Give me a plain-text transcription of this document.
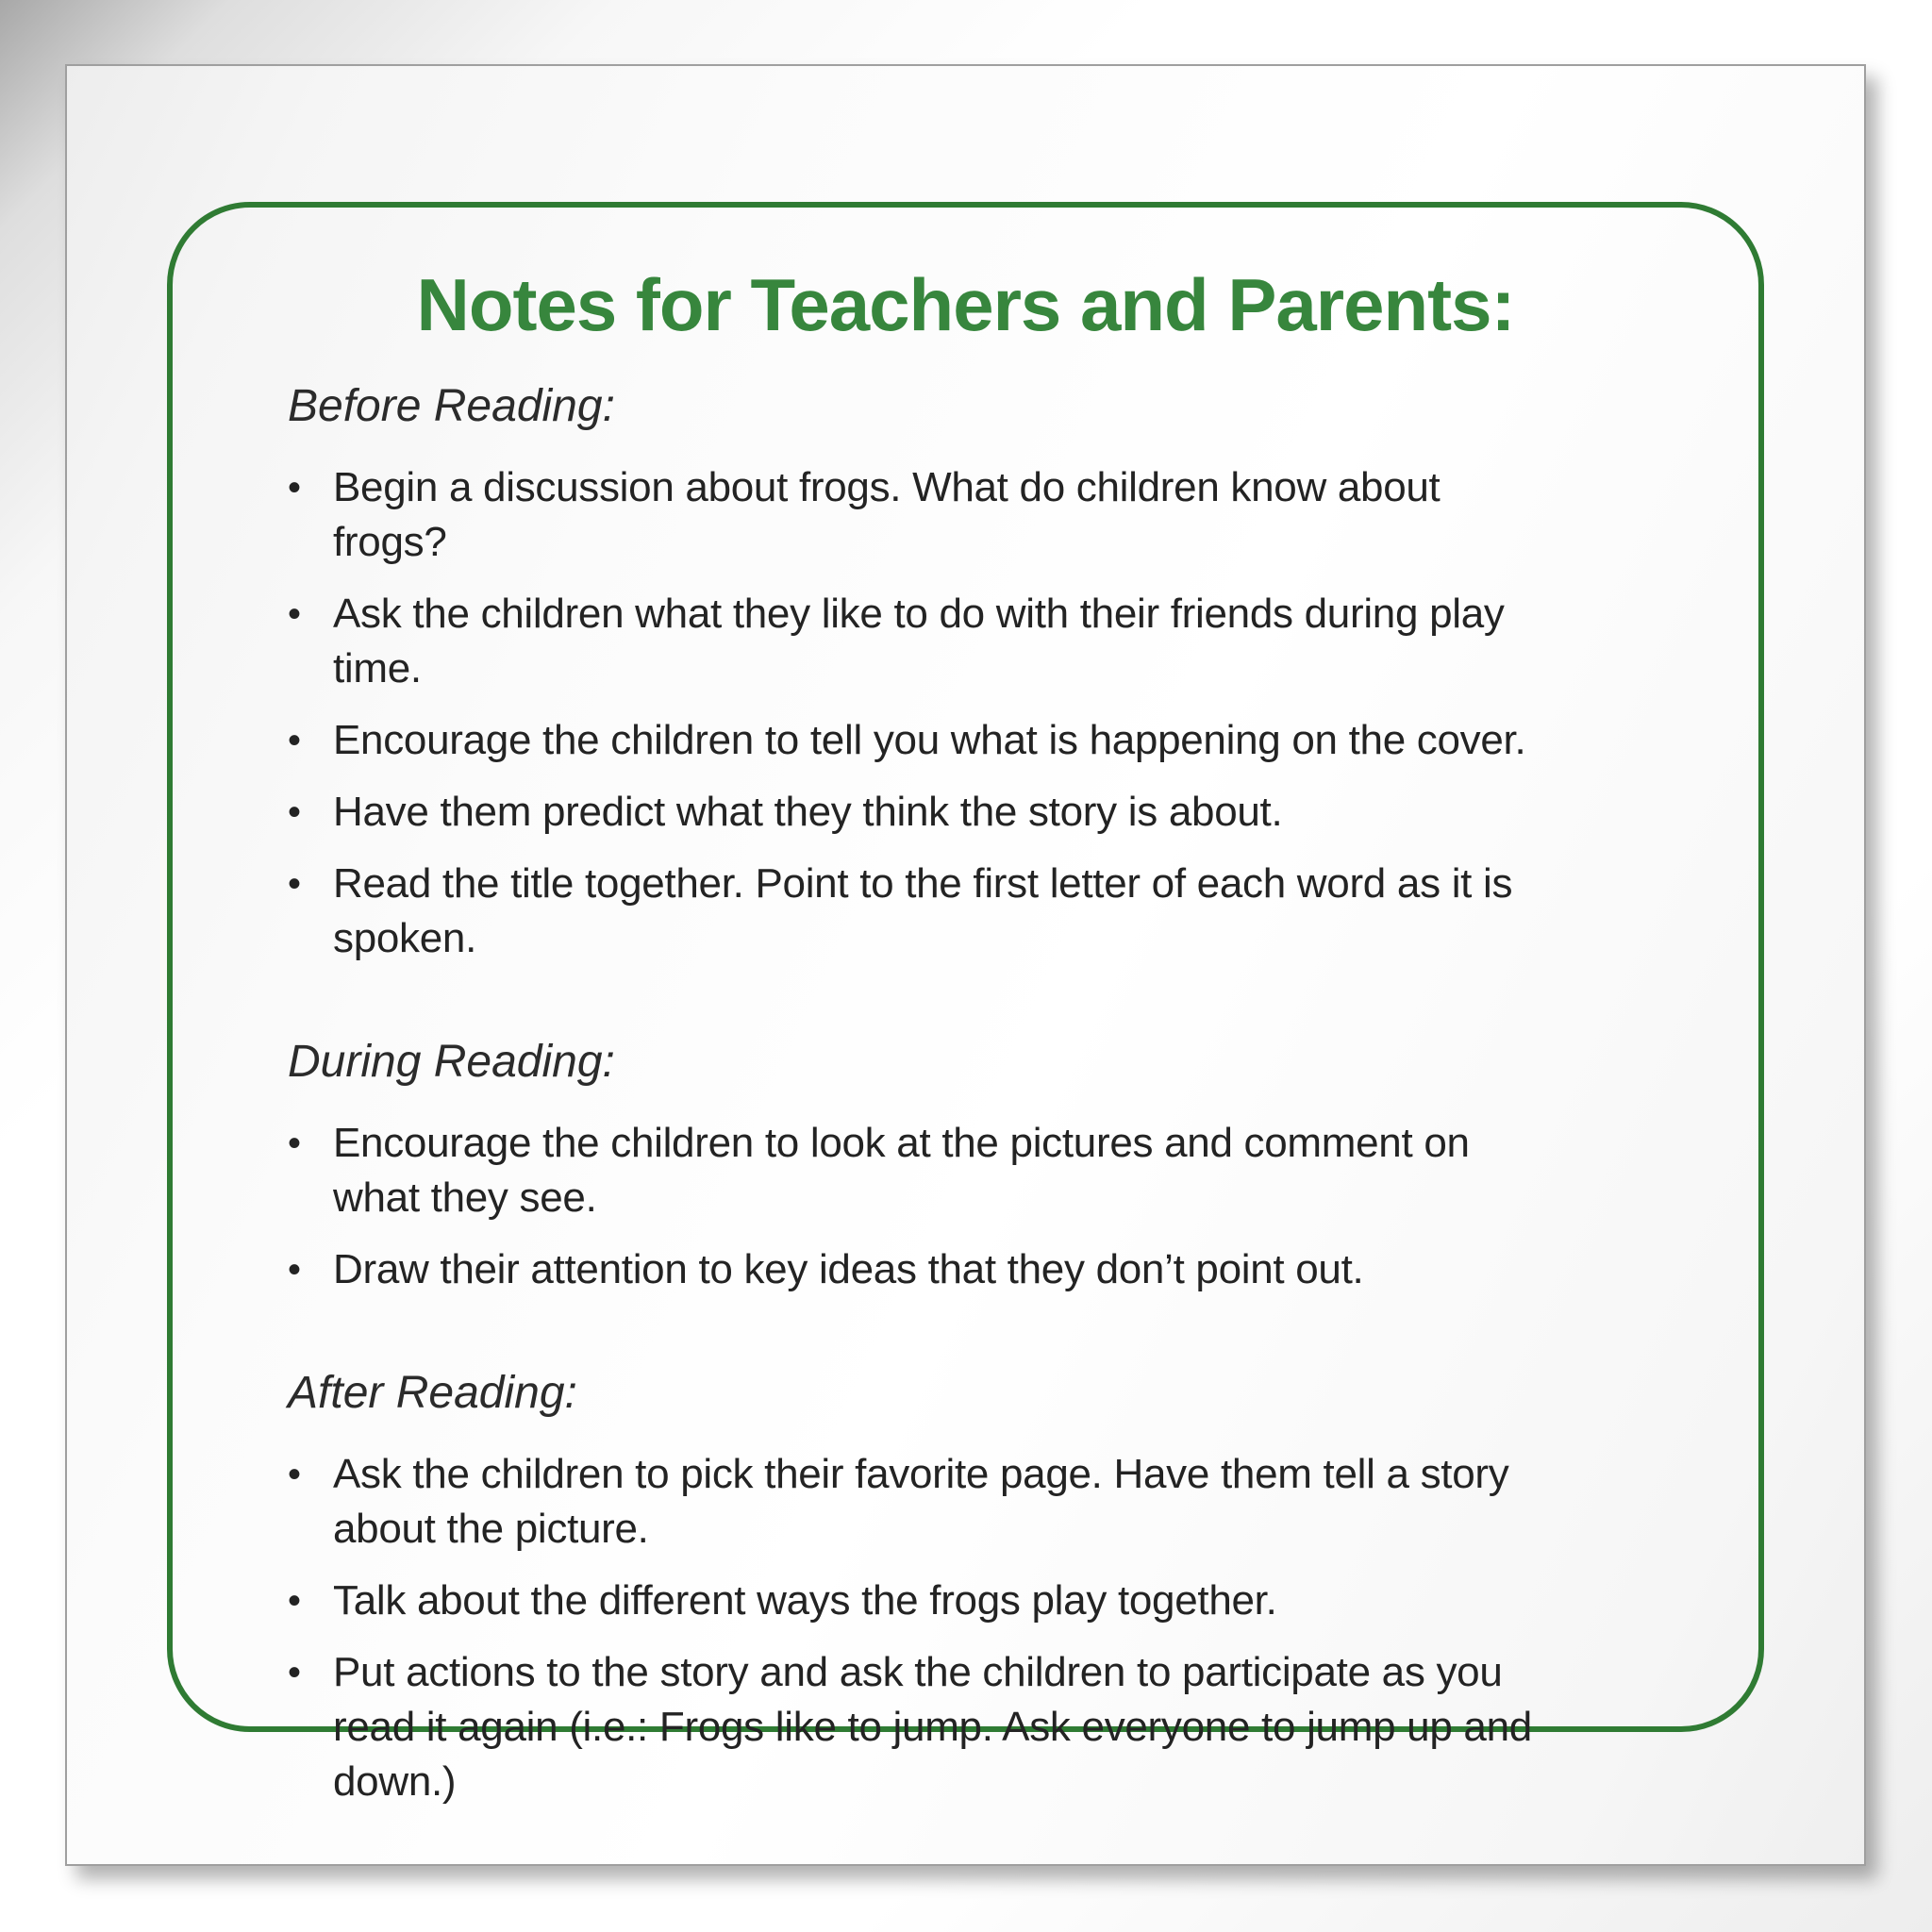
Notes for Teachers and Parents:
Before Reading:
• Begin a discussion about frogs. What do children know about
frogs?
• Ask the children what they like to do with their friends during play
time.
• Encourage the children to tell you what is happening on the cover.
• Have them predict what they think the story is about.
• Read the title together. Point to the first letter of each word as it is
spoken.
During Reading:
• Encourage the children to look at the pictures and comment on
what they see.
• Draw their attention to key ideas that they don’t point out.
After Reading:
• Ask the children to pick their favorite page. Have them tell a story
about the picture.
• Talk about the different ways the frogs play together.
• Put actions to the story and ask the children to participate as you
read it again (i.e.: Frogs like to jump. Ask everyone to jump up and
down.)
